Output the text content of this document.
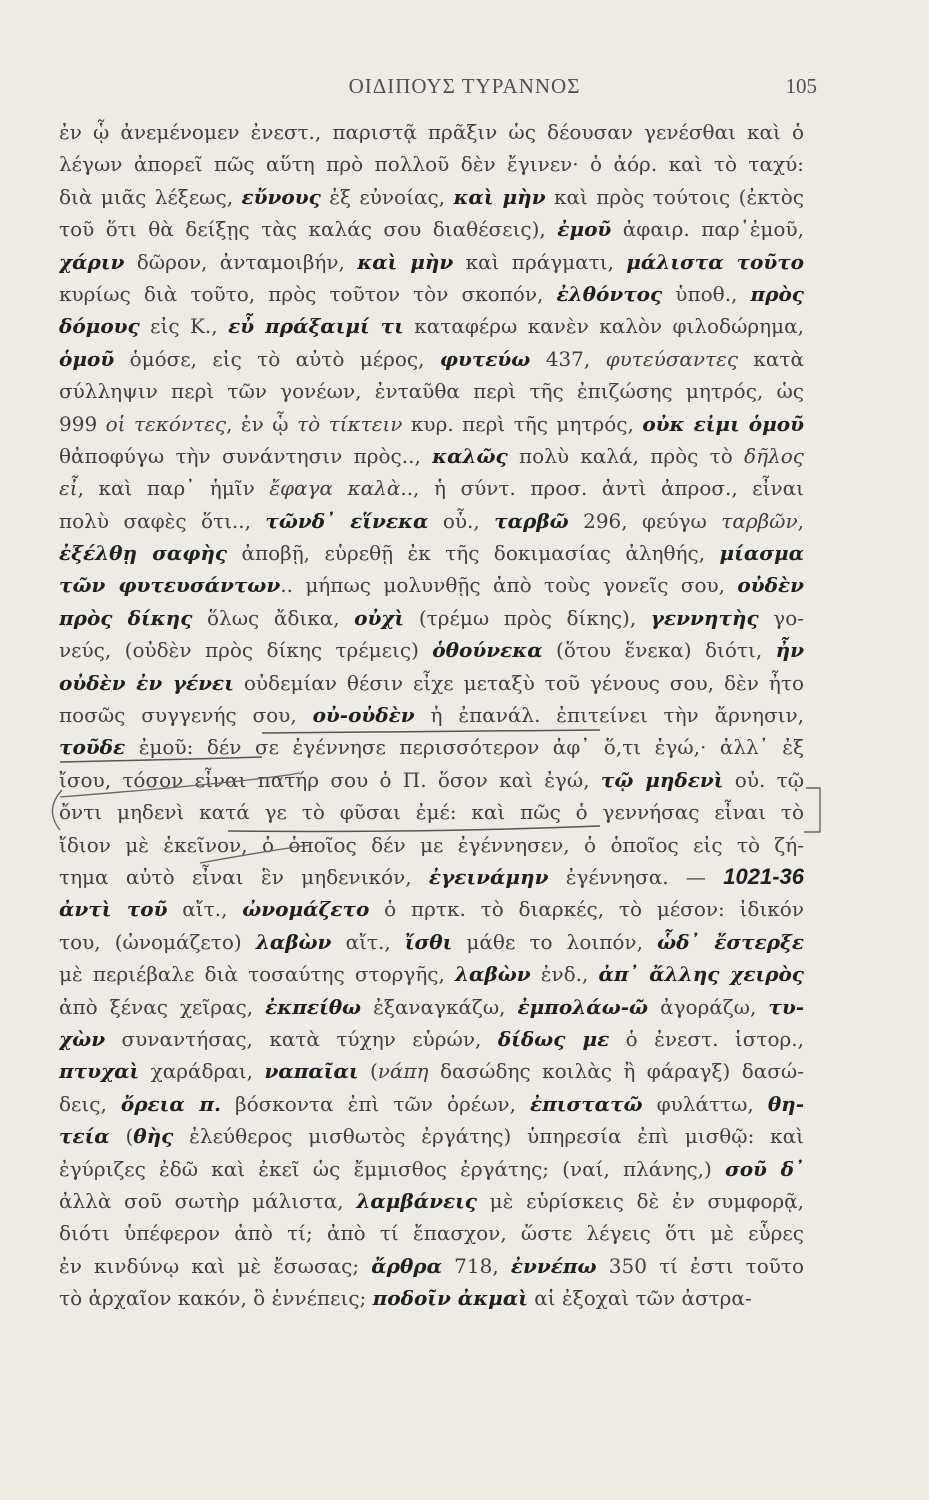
ΟΙΔΙΠΟΥΣ ΤΥΡΑΝΝΟΣ	105
ἐν ᾧ ἀνεμένομεν ἐνεστ., παριστᾷ πρᾶξιν ὡς δέουσαν γενέσθαι καὶ ὁ
λέγων ἀπορεῖ πῶς αὕτη πρὸ πολλοῦ δὲν ἔγινεν· ὁ ἀόρ. καὶ τὸ ταχύ:
διὰ μιᾶς λέξεως, εὔνους ἐξ εὐνοίας, καὶ μὴν καὶ πρὸς τούτοις (ἐκτὸς
τοῦ ὅτι θὰ δείξῃς τὰς καλάς σου διαθέσεις), ἐμοῦ ἀφαιρ. παρ᾽ἐμοῦ,
χάριν δῶρον, ἀνταμοιβήν, καὶ μὴν καὶ πράγματι, μάλιστα τοῦτο
κυρίως διὰ τοῦτο, πρὸς τοῦτον τὸν σκοπόν, ἐλθόντος ὑποθ., πρὸς
δόμους εἰς Κ., εὖ πράξαιμί τι καταφέρω κανὲν καλὸν φιλοδώρημα,
ὁμοῦ ὁμόσε, εἰς τὸ αὐτὸ μέρος, φυτεύω 437, φυτεύσαντες κατὰ
σύλληψιν περὶ τῶν γονέων, ἐνταῦθα περὶ τῆς ἐπιζώσης μητρός, ὡς
999 οἱ τεκόντες, ἐν ᾧ τὸ τίκτειν κυρ. περὶ τῆς μητρός, οὐκ εἰμι ὁμοῦ
θἀποφύγω τὴν συνάντησιν πρὸς.., καλῶς πολὺ καλά, πρὸς τὸ δῆλος
εἶ, καὶ παρ᾽ ἡμῖν ἔφαγα καλὰ.., ἡ σύντ. προσ. ἀντὶ ἀπροσ., εἶναι
πολὺ σαφὲς ὅτι.., τῶνδ᾽ εἵνεκα οὗ., ταρβῶ 296, φεύγω ταρβῶν,
ἐξέλθῃ σαφὴς ἀποβῇ, εὑρεθῇ ἐκ τῆς δοκιμασίας ἀληθής, μίασμα
τῶν φυτευσάντων.. μήπως μολυνθῇς ἀπὸ τοὺς γονεῖς σου, οὐδὲν
πρὸς δίκης ὅλως ἄδικα, οὐχὶ (τρέμω πρὸς δίκης), γεννητὴς γο-
νεύς, (οὐδὲν πρὸς δίκης τρέμεις) ὁθούνεκα (ὅτου ἕνεκα) διότι, ἦν
οὐδὲν ἐν γένει οὐδεμίαν θέσιν εἶχε μεταξὺ τοῦ γένους σου, δὲν ἦτο
ποσῶς συγγενής σου, οὐ-οὐδὲν ἡ ἐπανάλ. ἐπιτείνει τὴν ἄρνησιν,
τοῦδε ἐμοῦ: δέν σε ἐγέννησε περισσότερον ἀφ᾽ ὅ,τι ἐγώ,· ἀλλ᾽ ἐξ
ἴσου, τόσον εἶναι πατήρ σου ὁ Π. ὅσον καὶ ἐγώ, τῷ μηδενὶ οὐ. τῷ
ὄντι μηδενὶ κατά γε τὸ φῦσαι ἐμέ: καὶ πῶς ὁ γεννήσας εἶναι τὸ
ἴδιον μὲ ἐκεῖνον, ὁ ὁποῖος δέν με ἐγέννησεν, ὁ ὁποῖος εἰς τὸ ζή-
τημα αὐτὸ εἶναι ἓν μηδενικόν, ἐγεινάμην ἐγέννησα. — 1021-36
ἀντὶ τοῦ αἴτ., ὠνομάζετο ὁ πρτκ. τὸ διαρκές, τὸ μέσον: ἰδικόν
του, (ὠνομάζετο) λαβὼν αἴτ., ἴσθι μάθε το λοιπόν, ὧδ᾽ ἔστερξε
μὲ περιέβαλε διὰ τοσαύτης στοργῆς, λαβὼν ἐνδ., ἀπ᾽ ἄλλης χειρὸς
ἀπὸ ξένας χεῖρας, ἐκπείθω ἐξαναγκάζω, ἐμπολάω-ῶ ἀγοράζω, τυ-
χὼν συναντήσας, κατὰ τύχην εὑρών, δίδως με ὁ ἐνεστ. ἱστορ.,
πτυχαὶ χαράδραι, ναπαῖαι (νάπη δασώδης κοιλὰς ἢ φάραγξ) δασώ-
δεις, ὄρεια π. βόσκοντα ἐπὶ τῶν ὀρέων, ἐπιστατῶ φυλάττω, θη-
τεία (θὴς ἐλεύθερος μισθωτὸς ἐργάτης) ὑπηρεσία ἐπὶ μισθῷ: καὶ
ἐγύριζες ἐδῶ καὶ ἐκεῖ ὡς ἔμμισθος ἐργάτης; (ναί, πλάνης,) σοῦ δ᾽
ἀλλὰ σοῦ σωτὴρ μάλιστα, λαμβάνεις μὲ εὑρίσκεις δὲ ἐν συμφορᾷ,
διότι ὑπέφερον ἀπὸ τί; ἀπὸ τί ἔπασχον, ὥστε λέγεις ὅτι μὲ εὗρες
ἐν κινδύνῳ καὶ μὲ ἔσωσας; ἄρθρα 718, ἐννέπω 350 τί ἐστι τοῦτο
τὸ ἀρχαῖον κακόν, ὃ ἐννέπεις; ποδοῖν ἀκμαὶ αἱ ἐξοχαὶ τῶν ἀστρα-
